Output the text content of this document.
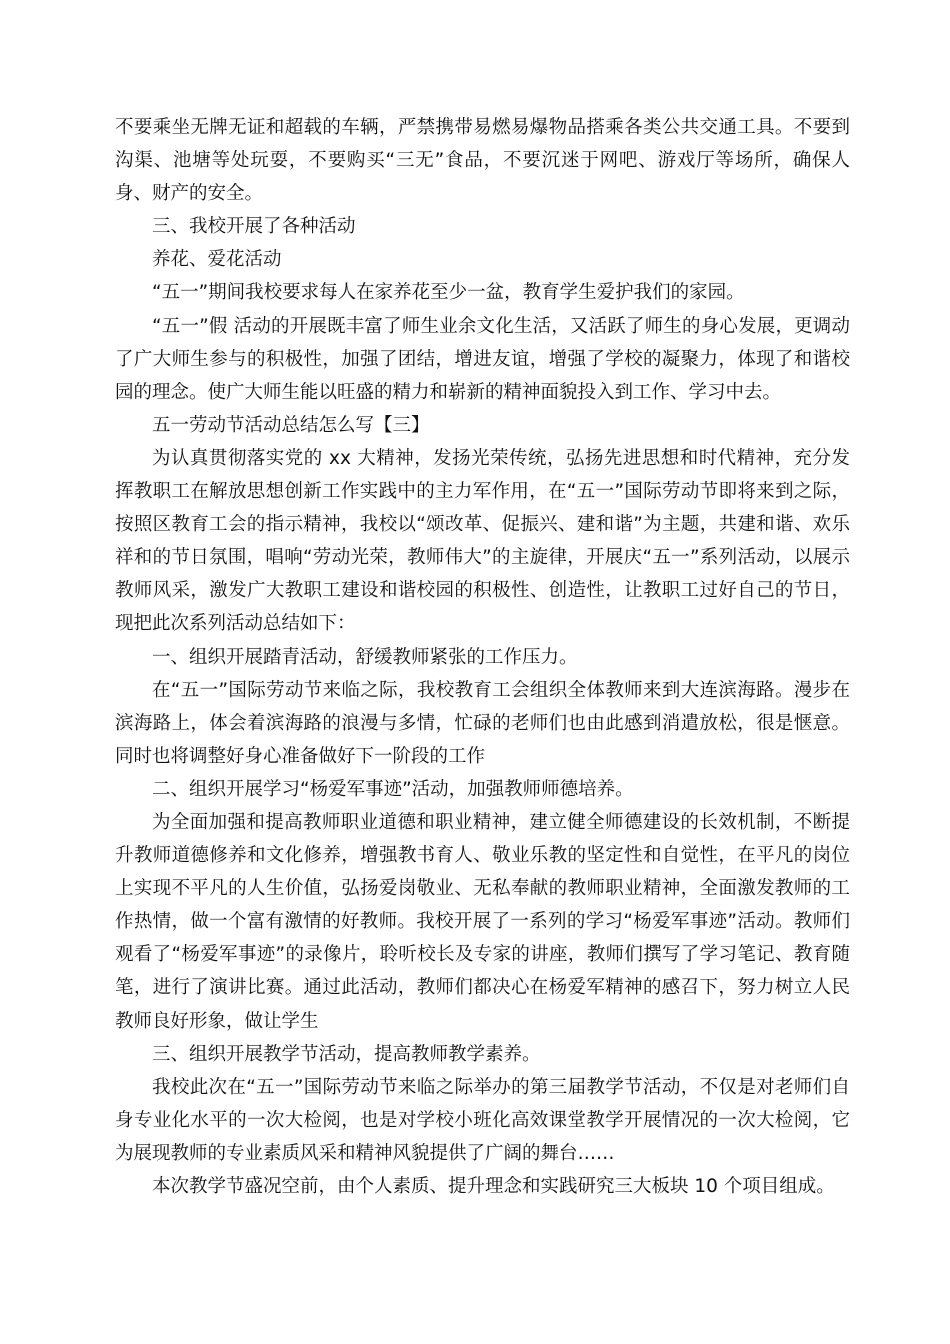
不要乘坐无牌无证和超载的车辆，严禁携带易燃易爆物品搭乘各类公共交通工具。不要到沟渠、池塘等处玩耍，不要购买“三无”食品，不要沉迷于网吧、游戏厅等场所，确保人身、财产的安全。

三、我校开展了各种活动

养花、爱花活动

“五一”期间我校要求每人在家养花至少一盆，教育学生爱护我们的家园。

“五一”假 活动的开展既丰富了师生业余文化生活，又活跃了师生的身心发展，更调动了广大师生参与的积极性，加强了团结，增进友谊，增强了学校的凝聚力，体现了和谐校园的理念。使广大师生能以旺盛的精力和崭新的精神面貌投入到工作、学习中去。

五一劳动节活动总结怎么写【三】

为认真贯彻落实党的 xx 大精神，发扬光荣传统，弘扬先进思想和时代精神，充分发挥教职工在解放思想创新工作实践中的主力军作用，在“五一”国际劳动节即将来到之际，按照区教育工会的指示精神，我校以“颂改革、促振兴、建和谐”为主题，共建和谐、欢乐祥和的节日氛围，唱响“劳动光荣，教师伟大”的主旋律，开展庆“五一”系列活动，以展示教师风采，激发广大教职工建设和谐校园的积极性、创造性，让教职工过好自己的节日，现把此次系列活动总结如下：

一、组织开展踏青活动，舒缓教师紧张的工作压力。

在“五一”国际劳动节来临之际，我校教育工会组织全体教师来到大连滨海路。漫步在滨海路上，体会着滨海路的浪漫与多情，忙碌的老师们也由此感到消遣放松，很是惬意。同时也将调整好身心准备做好下一阶段的工作

二、组织开展学习“杨爱军事迹”活动，加强教师师德培养。

为全面加强和提高教师职业道德和职业精神，建立健全师德建设的长效机制，不断提升教师道德修养和文化修养，增强教书育人、敬业乐教的坚定性和自觉性，在平凡的岗位上实现不平凡的人生价值，弘扬爱岗敬业、无私奉献的教师职业精神，全面激发教师的工作热情，做一个富有激情的好教师。我校开展了一系列的学习“杨爱军事迹”活动。教师们观看了“杨爱军事迹”的录像片，聆听校长及专家的讲座，教师们撰写了学习笔记、教育随笔，进行了演讲比赛。通过此活动，教师们都决心在杨爱军精神的感召下，努力树立人民教师良好形象，做让学生

三、组织开展教学节活动，提高教师教学素养。

我校此次在“五一”国际劳动节来临之际举办的第三届教学节活动，不仅是对老师们自身专业化水平的一次大检阅，也是对学校小班化高效课堂教学开展情况的一次大检阅，它为展现教师的专业素质风采和精神风貌提供了广阔的舞台……

本次教学节盛况空前，由个人素质、提升理念和实践研究三大板块 10 个项目组成。
